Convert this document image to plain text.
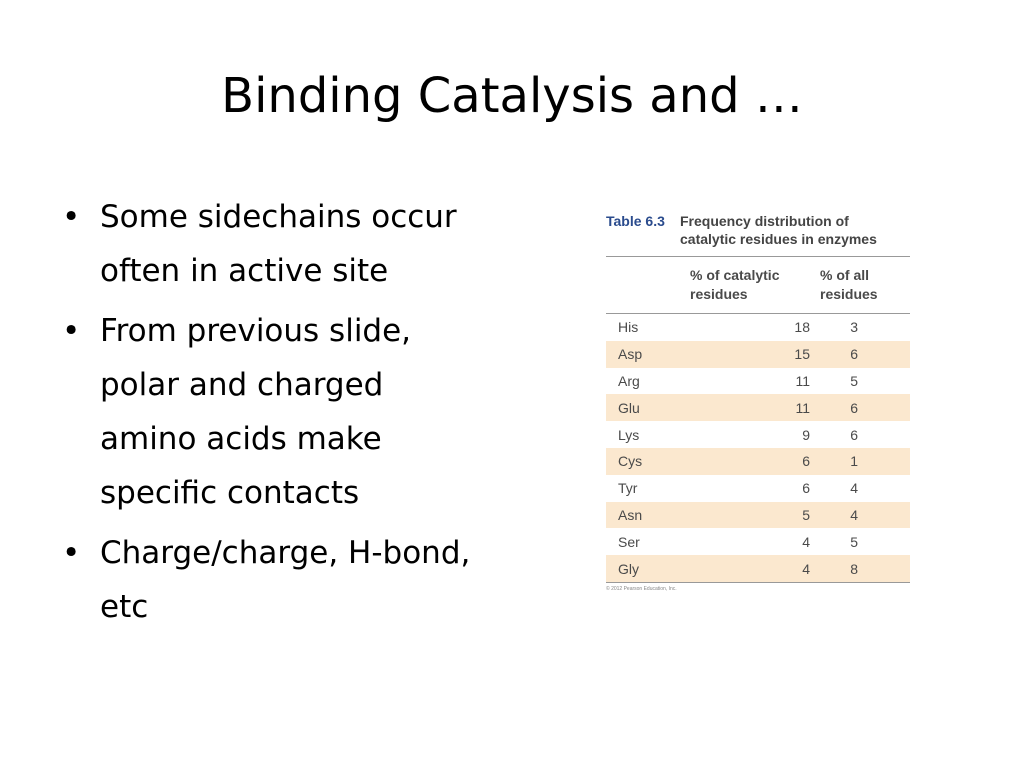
Binding Catalysis and …
• Some sidechains occur
often in active site
• From previous slide,
polar and charged
amino acids make
specific contacts
• Charge/charge, H-bond,
etc
Table 6.3	Frequency distribution of
catalytic residues in enzymes
% of catalytic
residues
% of all
residues
His	18	3
Asp	15	6
Arg	11	5
Glu	11	6
Lys	9	6
Cys	6	1
Tyr	6	4
Asn	5	4
Ser	4	5
Gly	4	8
© 2012 Pearson Education, Inc.
